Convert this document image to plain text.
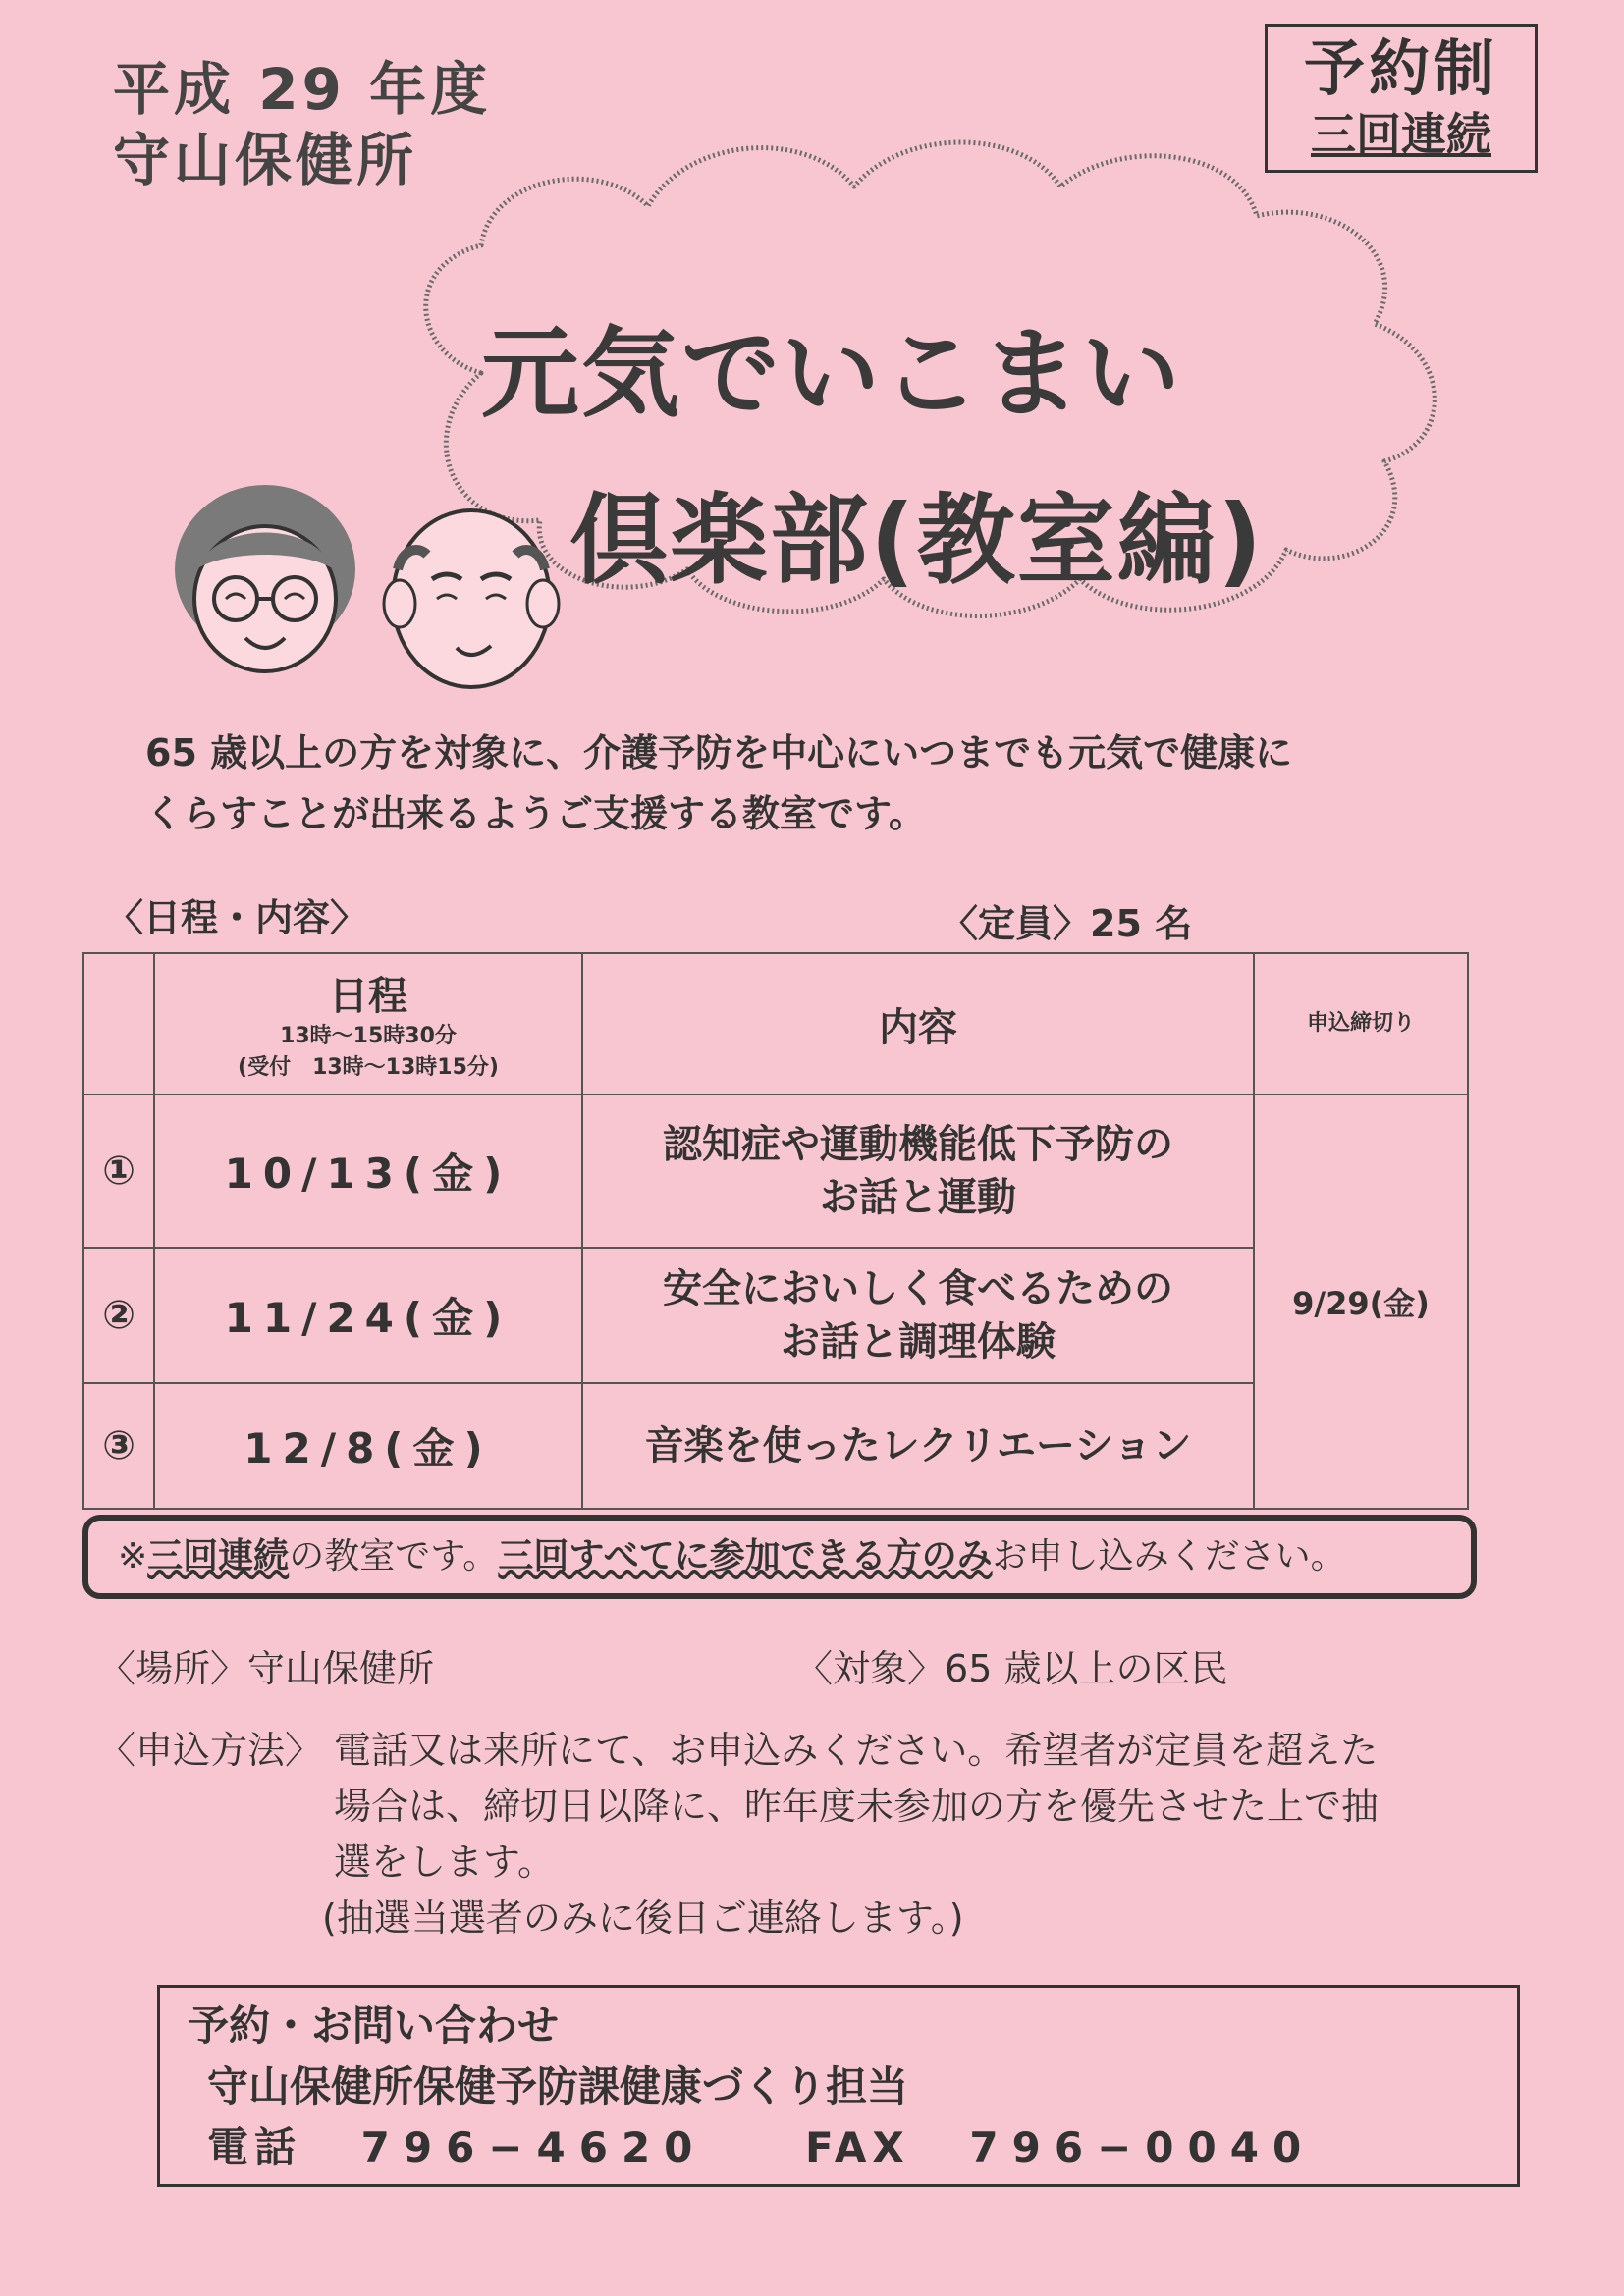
平成 29 年度
守山保健所
予約制
三回連続
元気でいこまい
倶楽部(教室編)
65 歳以上の方を対象に、介護予防を中心にいつまでも元気で健康に
くらすことが出来るようご支援する教室です。
〈日程・内容〉	〈定員〉25 名

	日程
13時〜15時30分
(受付　13時〜13時15分)	内容	申込締切り
①	10/13(金)	認知症や運動機能低下予防の
お話と運動	9/29(金)
②	11/24(金)	安全においしく食べるための
お話と調理体験	

③	12/8(金)	音楽を使ったレクリエーション	
※三回連続の教室です。三回すべてに参加できる方のみお申し込みください。
〈場所〉守山保健所	〈対象〉65 歳以上の区民
〈申込方法〉 電話又は来所にて、お申込みください。希望者が定員を超えた
場合は、締切日以降に、昨年度未参加の方を優先させた上で抽
選をします。
(抽選当選者のみに後日ご連絡します。)
予約・お問い合わせ
守山保健所保健予防課健康づくり担当
電話 796−4620 FAX 796−0040
